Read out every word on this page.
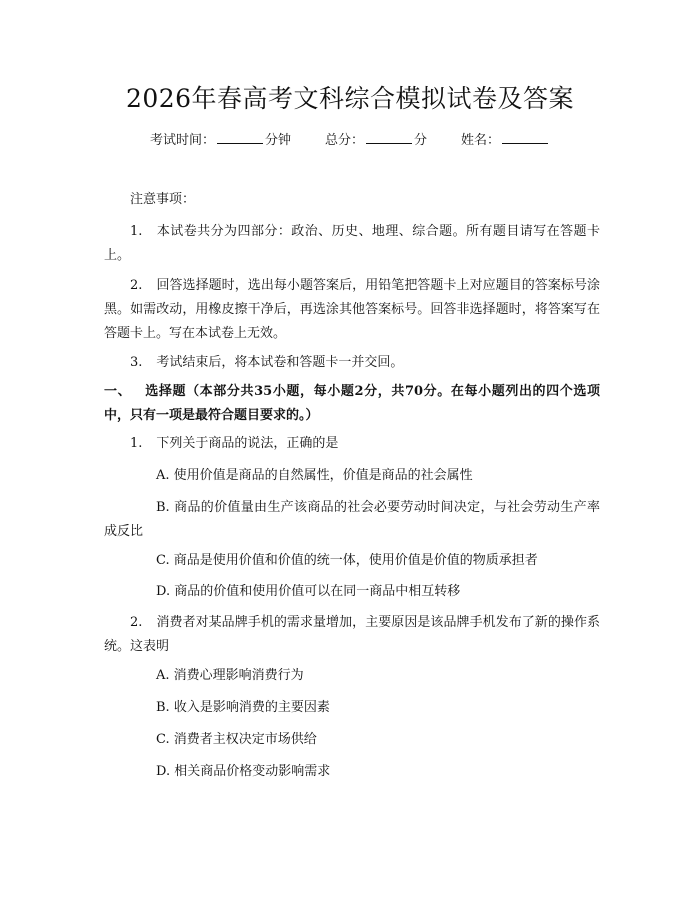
2026年春高考文科综合模拟试卷及答案
考试时间：	分钟	总分：	分	姓名：
注意事项：
1. 本试卷共分为四部分：政治、历史、地理、综合题。所有题目请写在答题卡上。
2. 回答选择题时，选出每小题答案后，用铅笔把答题卡上对应题目的答案标号涂黑。如需改动，用橡皮擦干净后，再选涂其他答案标号。回答非选择题时，将答案写在答题卡上。写在本试卷上无效。
3. 考试结束后，将本试卷和答题卡一并交回。
一、 选择题（本部分共35小题，每小题2分，共70分。在每小题列出的四个选项中，只有一项是最符合题目要求的。）
1. 下列关于商品的说法，正确的是
A. 使用价值是商品的自然属性，价值是商品的社会属性
B. 商品的价值量由生产该商品的社会必要劳动时间决定，与社会劳动生产率成反比
C. 商品是使用价值和价值的统一体，使用价值是价值的物质承担者
D. 商品的价值和使用价值可以在同一商品中相互转移
2. 消费者对某品牌手机的需求量增加，主要原因是该品牌手机发布了新的操作系统。这表明
A. 消费心理影响消费行为
B. 收入是影响消费的主要因素
C. 消费者主权决定市场供给
D. 相关商品价格变动影响需求
